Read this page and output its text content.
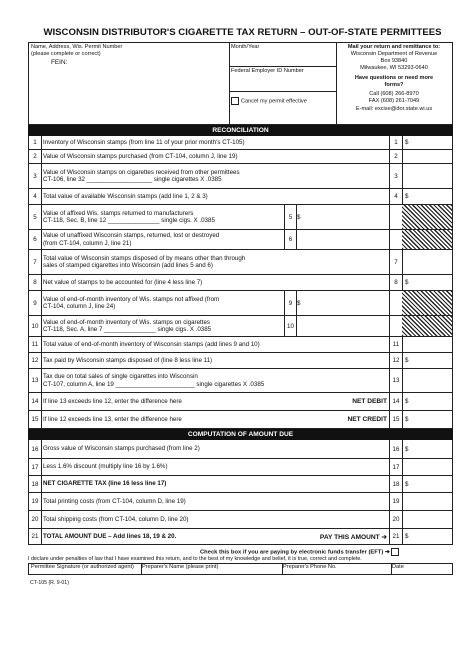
WISCONSIN DISTRIBUTOR'S CIGARETTE TAX RETURN – OUT-OF-STATE PERMITTEES
Name, Address, Wis. Permit Number
(please complete or correct)
FEIN:
Month/Year
Federal Employer ID Number
Cancel my permit effective
Mail your return and remittance to:
Wisconsin Department of Revenue
Box 93840
Milwaukee, WI 53293-0640
Have questions or need more
forms?
Call (608) 266-8970
FAX (608) 261-7049
E-mail: excise@dor.state.wi.us
RECONCILIATION
1	Inventory of Wisconsin stamps (from line 11 of your prior month's CT-105)	1	$
2	Value of Wisconsin stamps purchased (from CT-104, column J, line 19)	2
3
Value of Wisconsin stamps on cigarettes received from other permittees
CT-106, line 32 ___________________ single cigarettes X .0385	3
4	Total value of available Wisconsin stamps (add line 1, 2 & 3)	4	$
5
Value of affixed Wis. stamps returned to manufacturers
CT-118, Sec. B, line 12 _______________ single cigs. X .0385	5 $
6
Value of unaffixed Wisconsin stamps, returned, lost or destroyed
(from CT-104, column J, line 21)	6
7
Total value of Wisconsin stamps disposed of by means other than through
sales of stamped cigarettes into Wisconsin (add lines 5 and 6)	7
8	Net value of stamps to be accounted for (line 4 less line 7)	8	$
9
Value of end-of-month inventory of Wis. stamps not affixed (from
CT-104, column J, line 24)	9 $
10
Value of end-of-month inventory of Wis. stamps on cigarettes
CT-118, Sec. A, line 7 _______________ single cigs. X .0385	10
11 Total value of end-of-month inventory of Wisconsin stamps (add lines 9 and 10)	11
12 Tax paid by Wisconsin stamps disposed of (line 8 less line 11)	12 $
13
Tax due on total sales of single cigarettes into Wisconsin
CT-107, column A, line 19 _______________________ single cigarettes X .0385	13
14 If line 13 exceeds line 12, enter the difference here	NET DEBIT 14 $
15 If line 12 exceeds line 13, enter the difference here	NET CREDIT 15 $
COMPUTATION OF AMOUNT DUE
16 Gross value of Wisconsin stamps purchased (from line 2)	16 $
17 Less 1.6% discount (multiply line 16 by 1.6%)	17
18 NET CIGARETTE TAX (line 16 less line 17)	18 $
19 Total printing costs (from CT-104, column D, line 19)	19
20 Total shipping costs (from CT-104, column D, line 20)	20
21 TOTAL AMOUNT DUE – Add lines 18, 19 & 20.	PAY THIS AMOUNT ➔ 21 $
Check this box if you are paying by electronic funds transfer (EFT) ➔
I declare under penalties of law that I have examined this return, and to the best of my knowledge and belief, it is true, correct and complete.
Permittee Signature (or authorized agent)	Preparer's Name (please print)	Preparer's Phone No.	Date
CT-105 (R. 9-01)
